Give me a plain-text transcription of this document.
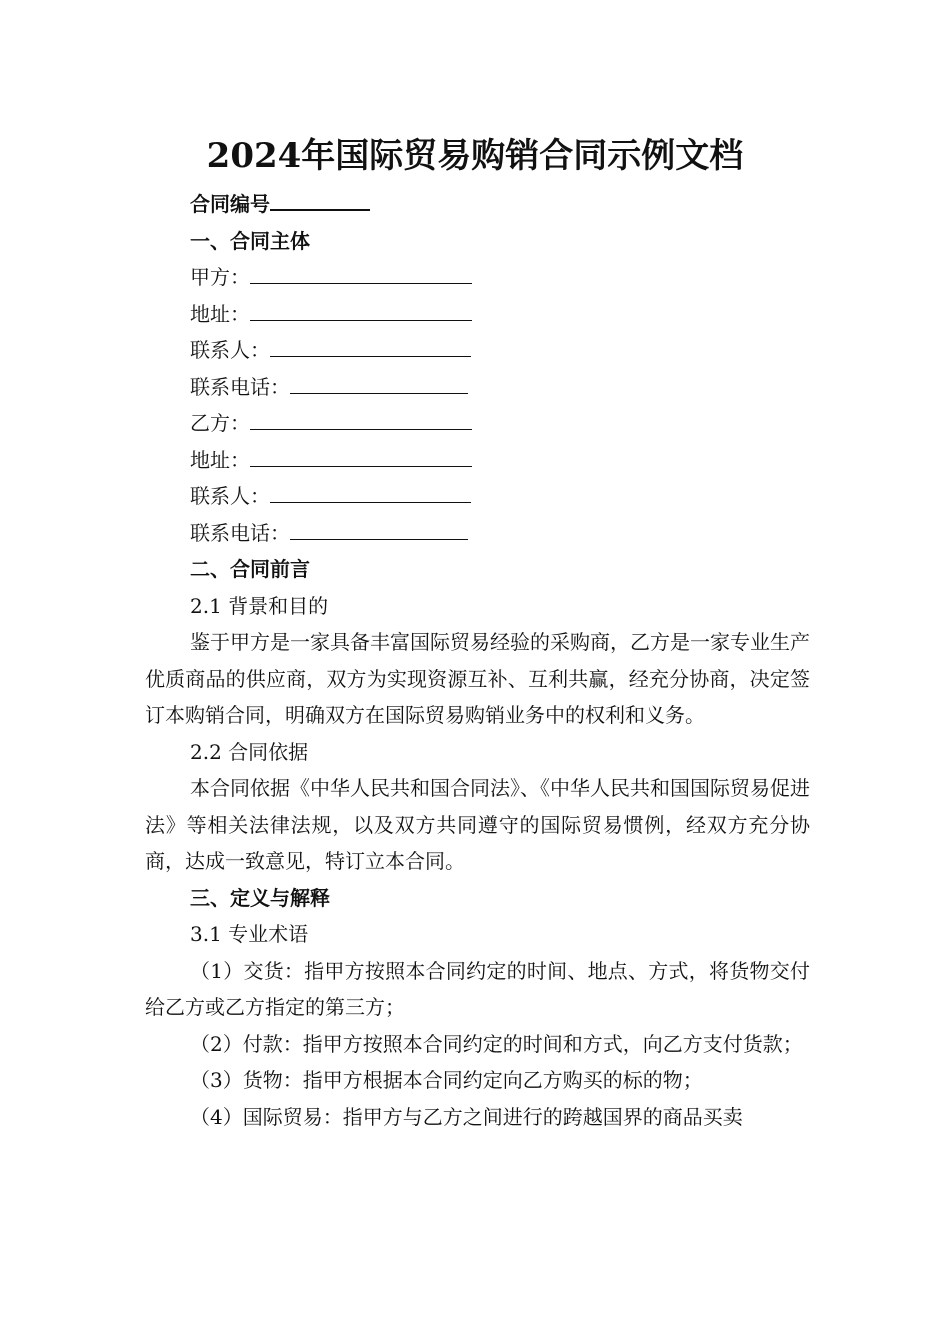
2024年国际贸易购销合同示例文档
合同编号
一、合同主体
甲方：
地址：
联系人：
联系电话：
乙方：
地址：
联系人：
联系电话：
二、合同前言
2.1 背景和目的
鉴于甲方是一家具备丰富国际贸易经验的采购商，乙方是一家专业生产优质商品的供应商，双方为实现资源互补、互利共赢，经充分协商，决定签订本购销合同，明确双方在国际贸易购销业务中的权利和义务。
2.2 合同依据
本合同依据《中华人民共和国合同法》、《中华人民共和国国际贸易促进法》等相关法律法规，以及双方共同遵守的国际贸易惯例，经双方充分协商，达成一致意见，特订立本合同。
三、定义与解释
3.1 专业术语
（1）交货：指甲方按照本合同约定的时间、地点、方式，将货物交付给乙方或乙方指定的第三方；
（2）付款：指甲方按照本合同约定的时间和方式，向乙方支付货款；
（3）货物：指甲方根据本合同约定向乙方购买的标的物；
（4）国际贸易：指甲方与乙方之间进行的跨越国界的商品买卖
